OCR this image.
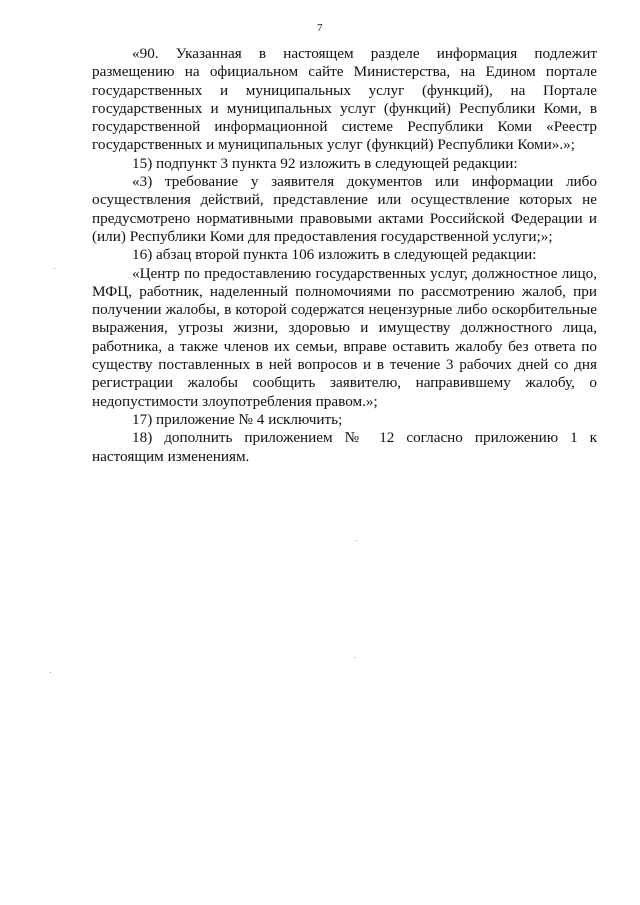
7

«90. Указанная в настоящем разделе информация подлежит размещению на официальном сайте Министерства, на Едином портале государственных и муниципальных услуг (функций), на Портале государственных и муниципальных услуг (функций) Республики Коми, в государственной информационной системе Республики Коми «Реестр государственных и муниципальных услуг (функций) Республики Коми».»;

15) подпункт 3 пункта 92 изложить в следующей редакции:

«3) требование у заявителя документов или информации либо осуществления действий, представление или осуществление которых не предусмотрено нормативными правовыми актами Российской Федерации и (или) Республики Коми для предоставления государственной услуги;»;

16) абзац второй пункта 106 изложить в следующей редакции:

«Центр по предоставлению государственных услуг, должностное лицо, МФЦ, работник, наделенный полномочиями по рассмотрению жалоб, при получении жалобы, в которой содержатся нецензурные либо оскорбительные выражения, угрозы жизни, здоровью и имуществу должностного лица, работника, а также членов их семьи, вправе оставить жалобу без ответа по существу поставленных в ней вопросов и в течение 3 рабочих дней со дня регистрации жалобы сообщить заявителю, направившему жалобу, о недопустимости злоупотребления правом.»;

17) приложение № 4 исключить;

18) дополнить приложением № 12 согласно приложению 1 к настоящим изменениям.
